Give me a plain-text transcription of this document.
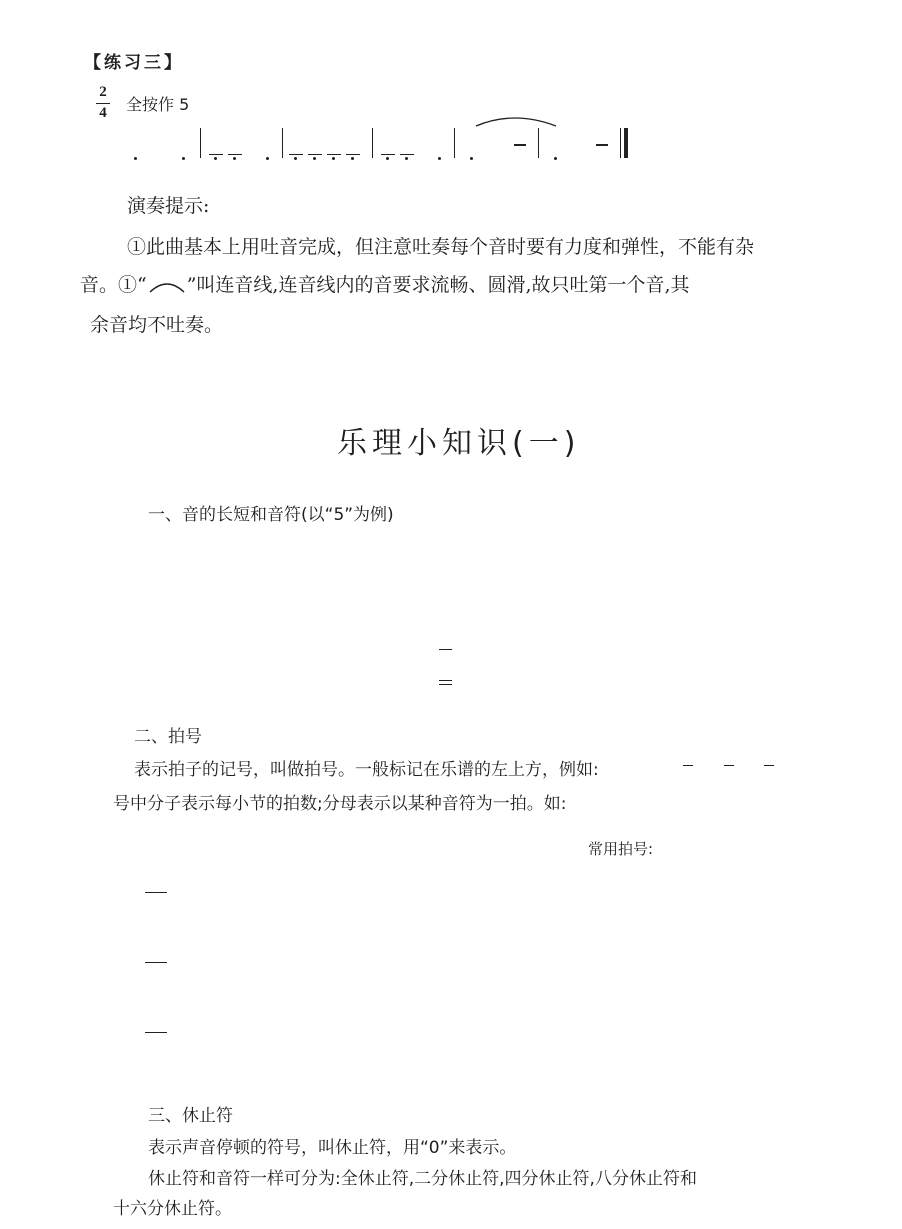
【练习三】
2
4 全按作 5
演奏提示:
①此曲基本上用吐音完成，但注意吐奏每个音时要有力度和弹性，不能有杂
音。①“ ”叫连音线,连音线内的音要求流畅、圆滑,故只吐第一个音,其
余音均不吐奏。
乐理小知识(一)
一、音的长短和音符(以“5”为例)
二、拍号
表示拍子的记号，叫做拍号。一般标记在乐谱的左上方，例如:
号中分子表示每小节的拍数;分母表示以某种音符为一拍。如:
常用拍号:
三、休止符
表示声音停顿的符号，叫休止符，用“0”来表示。
休止符和音符一样可分为:全休止符,二分休止符,四分休止符,八分休止符和
十六分休止符。
